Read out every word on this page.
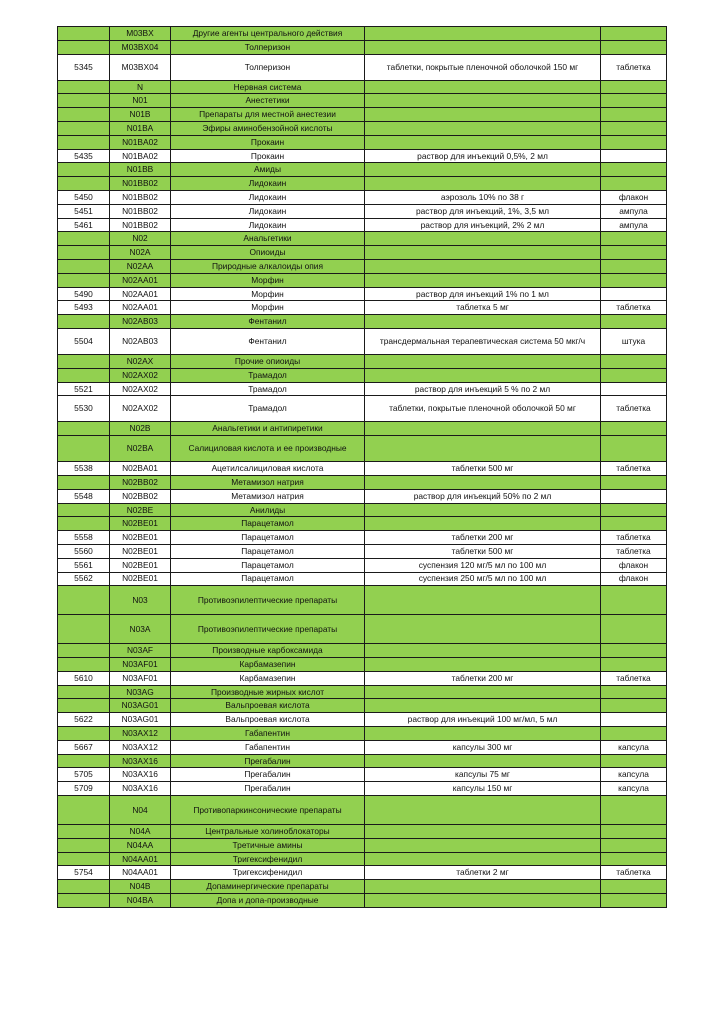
	M03BX	Другие агенты центрального действия		
	M03BX04	Толперизон		
5345	M03BX04	Толперизон	таблетки, покрытые пленочной оболочкой 150 мг	таблетка
	N	Нервная система		
	N01	Анестетики		
	N01B	Препараты для местной анестезии		
	N01BA	Эфиры аминобензойной кислоты		
	N01BA02	Прокаин		
5435	N01BA02	Прокаин	раствор для инъекций 0,5%, 2 мл	
	N01BB	Амиды		
	N01BB02	Лидокаин		
5450	N01BB02	Лидокаин	аэрозоль 10% по 38 г	флакон
5451	N01BB02	Лидокаин	раствор для инъекций, 1%, 3,5 мл	ампула
5461	N01BB02	Лидокаин	раствор для инъекций, 2% 2 мл	ампула
	N02	Анальгетики		
	N02A	Опиоиды		
	N02AA	Природные алкалоиды опия		
	N02AA01	Морфин		
5490	N02AA01	Морфин	раствор для инъекций 1% по 1 мл	
5493	N02AA01	Морфин	таблетка 5 мг	таблетка
	N02AB03	Фентанил		
5504	N02AB03	Фентанил	трансдермальная терапевтическая система 50 мкг/ч	штука
	N02AX	Прочие опиоиды		
	N02AX02	Трамадол		
5521	N02AX02	Трамадол	раствор для инъекций 5 % по 2 мл	
5530	N02AX02	Трамадол	таблетки, покрытые пленочной оболочкой 50 мг	таблетка
	N02B	Анальгетики и антипиретики		
	N02BA	Салициловая кислота и ее производные		
5538	N02BA01	Ацетилсалициловая кислота	таблетки 500 мг	таблетка
	N02BB02	Метамизол натрия		
5548	N02BB02	Метамизол натрия	раствор для инъекций 50% по 2 мл	
	N02BE	Анилиды		
	N02BE01	Парацетамол		
5558	N02BE01	Парацетамол	таблетки 200 мг	таблетка
5560	N02BE01	Парацетамол	таблетки 500 мг	таблетка
5561	N02BE01	Парацетамол	суспензия 120 мг/5 мл по 100 мл	флакон
5562	N02BE01	Парацетамол	суспензия 250 мг/5 мл по 100 мл	флакон
	N03	Противоэпилептические препараты		
	N03A	Противоэпилептические препараты		
	N03AF	Производные карбоксамида		
	N03AF01	Карбамазепин		
5610	N03AF01	Карбамазепин	таблетки 200 мг	таблетка
	N03AG	Производные жирных кислот		
	N03AG01	Вальпроевая кислота		
5622	N03AG01	Вальпроевая кислота	раствор для инъекций 100 мг/мл, 5 мл	
	N03AX12	Габапентин		
5667	N03AX12	Габапентин	капсулы 300 мг	капсула
	N03AX16	Прегабалин		
5705	N03AX16	Прегабалин	капсулы 75 мг	капсула
5709	N03AX16	Прегабалин	капсулы 150 мг	капсула
	N04	Противопаркинсонические препараты		
	N04A	Центральные холиноблокаторы		
	N04AA	Третичные амины		
	N04AA01	Тригексифенидил		
5754	N04AA01	Тригексифенидил	таблетки 2 мг	таблетка
	N04B	Допаминергические препараты		
	N04BA	Допа и допа-производные		
